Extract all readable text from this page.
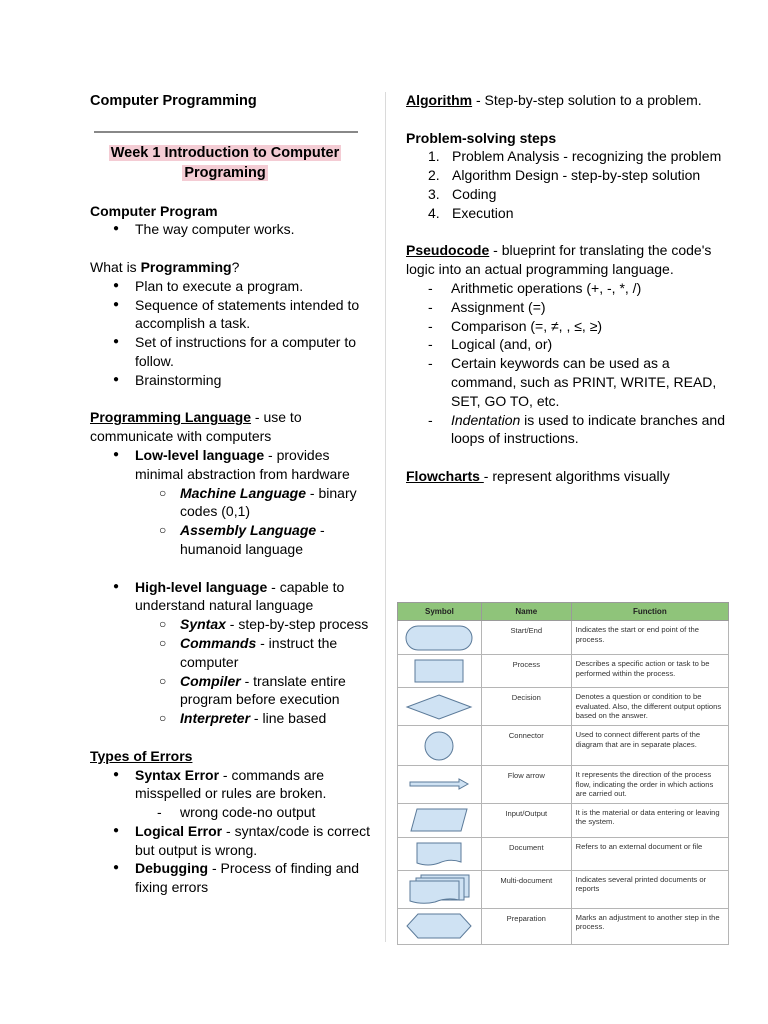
Computer Programming
Week 1 Introduction to Computer
Programing
Computer Program
● The way computer works.
What is Programming?
● Plan to execute a program.
● Sequence of statements intended to accomplish a task.
● Set of instructions for a computer to follow.
● Brainstorming
Programming Language - use to communicate with computers
● Low-level language - provides minimal abstraction from hardware
○ Machine Language - binary codes (0,1)
○ Assembly Language - humanoid language
● High-level language - capable to understand natural language
○ Syntax - step-by-step process
○ Commands - instruct the computer
○ Compiler - translate entire program before execution
○ Interpreter - line based
Types of Errors
● Syntax Error - commands are misspelled or rules are broken.
- wrong code-no output
● Logical Error - syntax/code is correct but output is wrong.
● Debugging - Process of finding and fixing errors
Algorithm - Step-by-step solution to a problem.
Problem-solving steps
1. Problem Analysis - recognizing the problem
2. Algorithm Design - step-by-step solution
3. Coding
4. Execution
Pseudocode - blueprint for translating the code's logic into an actual programming language.
- Arithmetic operations (+, -, *, /)
- Assignment (=)
- Comparison (=, ≠, , ≤, ≥)
- Logical (and, or)
- Certain keywords can be used as a command, such as PRINT, WRITE, READ, SET, GO TO, etc.
- Indentation is used to indicate branches and loops of instructions.
Flowcharts - represent algorithms visually
Symbol	Name	Function

	Start/End	Indicates the start or end point of the process.

	Process	Describes a specific action or task to be performed within the process.

	Decision	Denotes a question or condition to be evaluated. Also, the different output options based on the answer.

	Connector	Used to connect different parts of the diagram that are in separate places.

	Flow arrow	It represents the direction of the process flow, indicating the order in which actions are carried out.

	Input/Output	It is the material or data entering or leaving the system.

	Document	Refers to an external document or file

	Multi-document	Indicates several printed documents or reports

	Preparation	Marks an adjustment to another step in the process.
